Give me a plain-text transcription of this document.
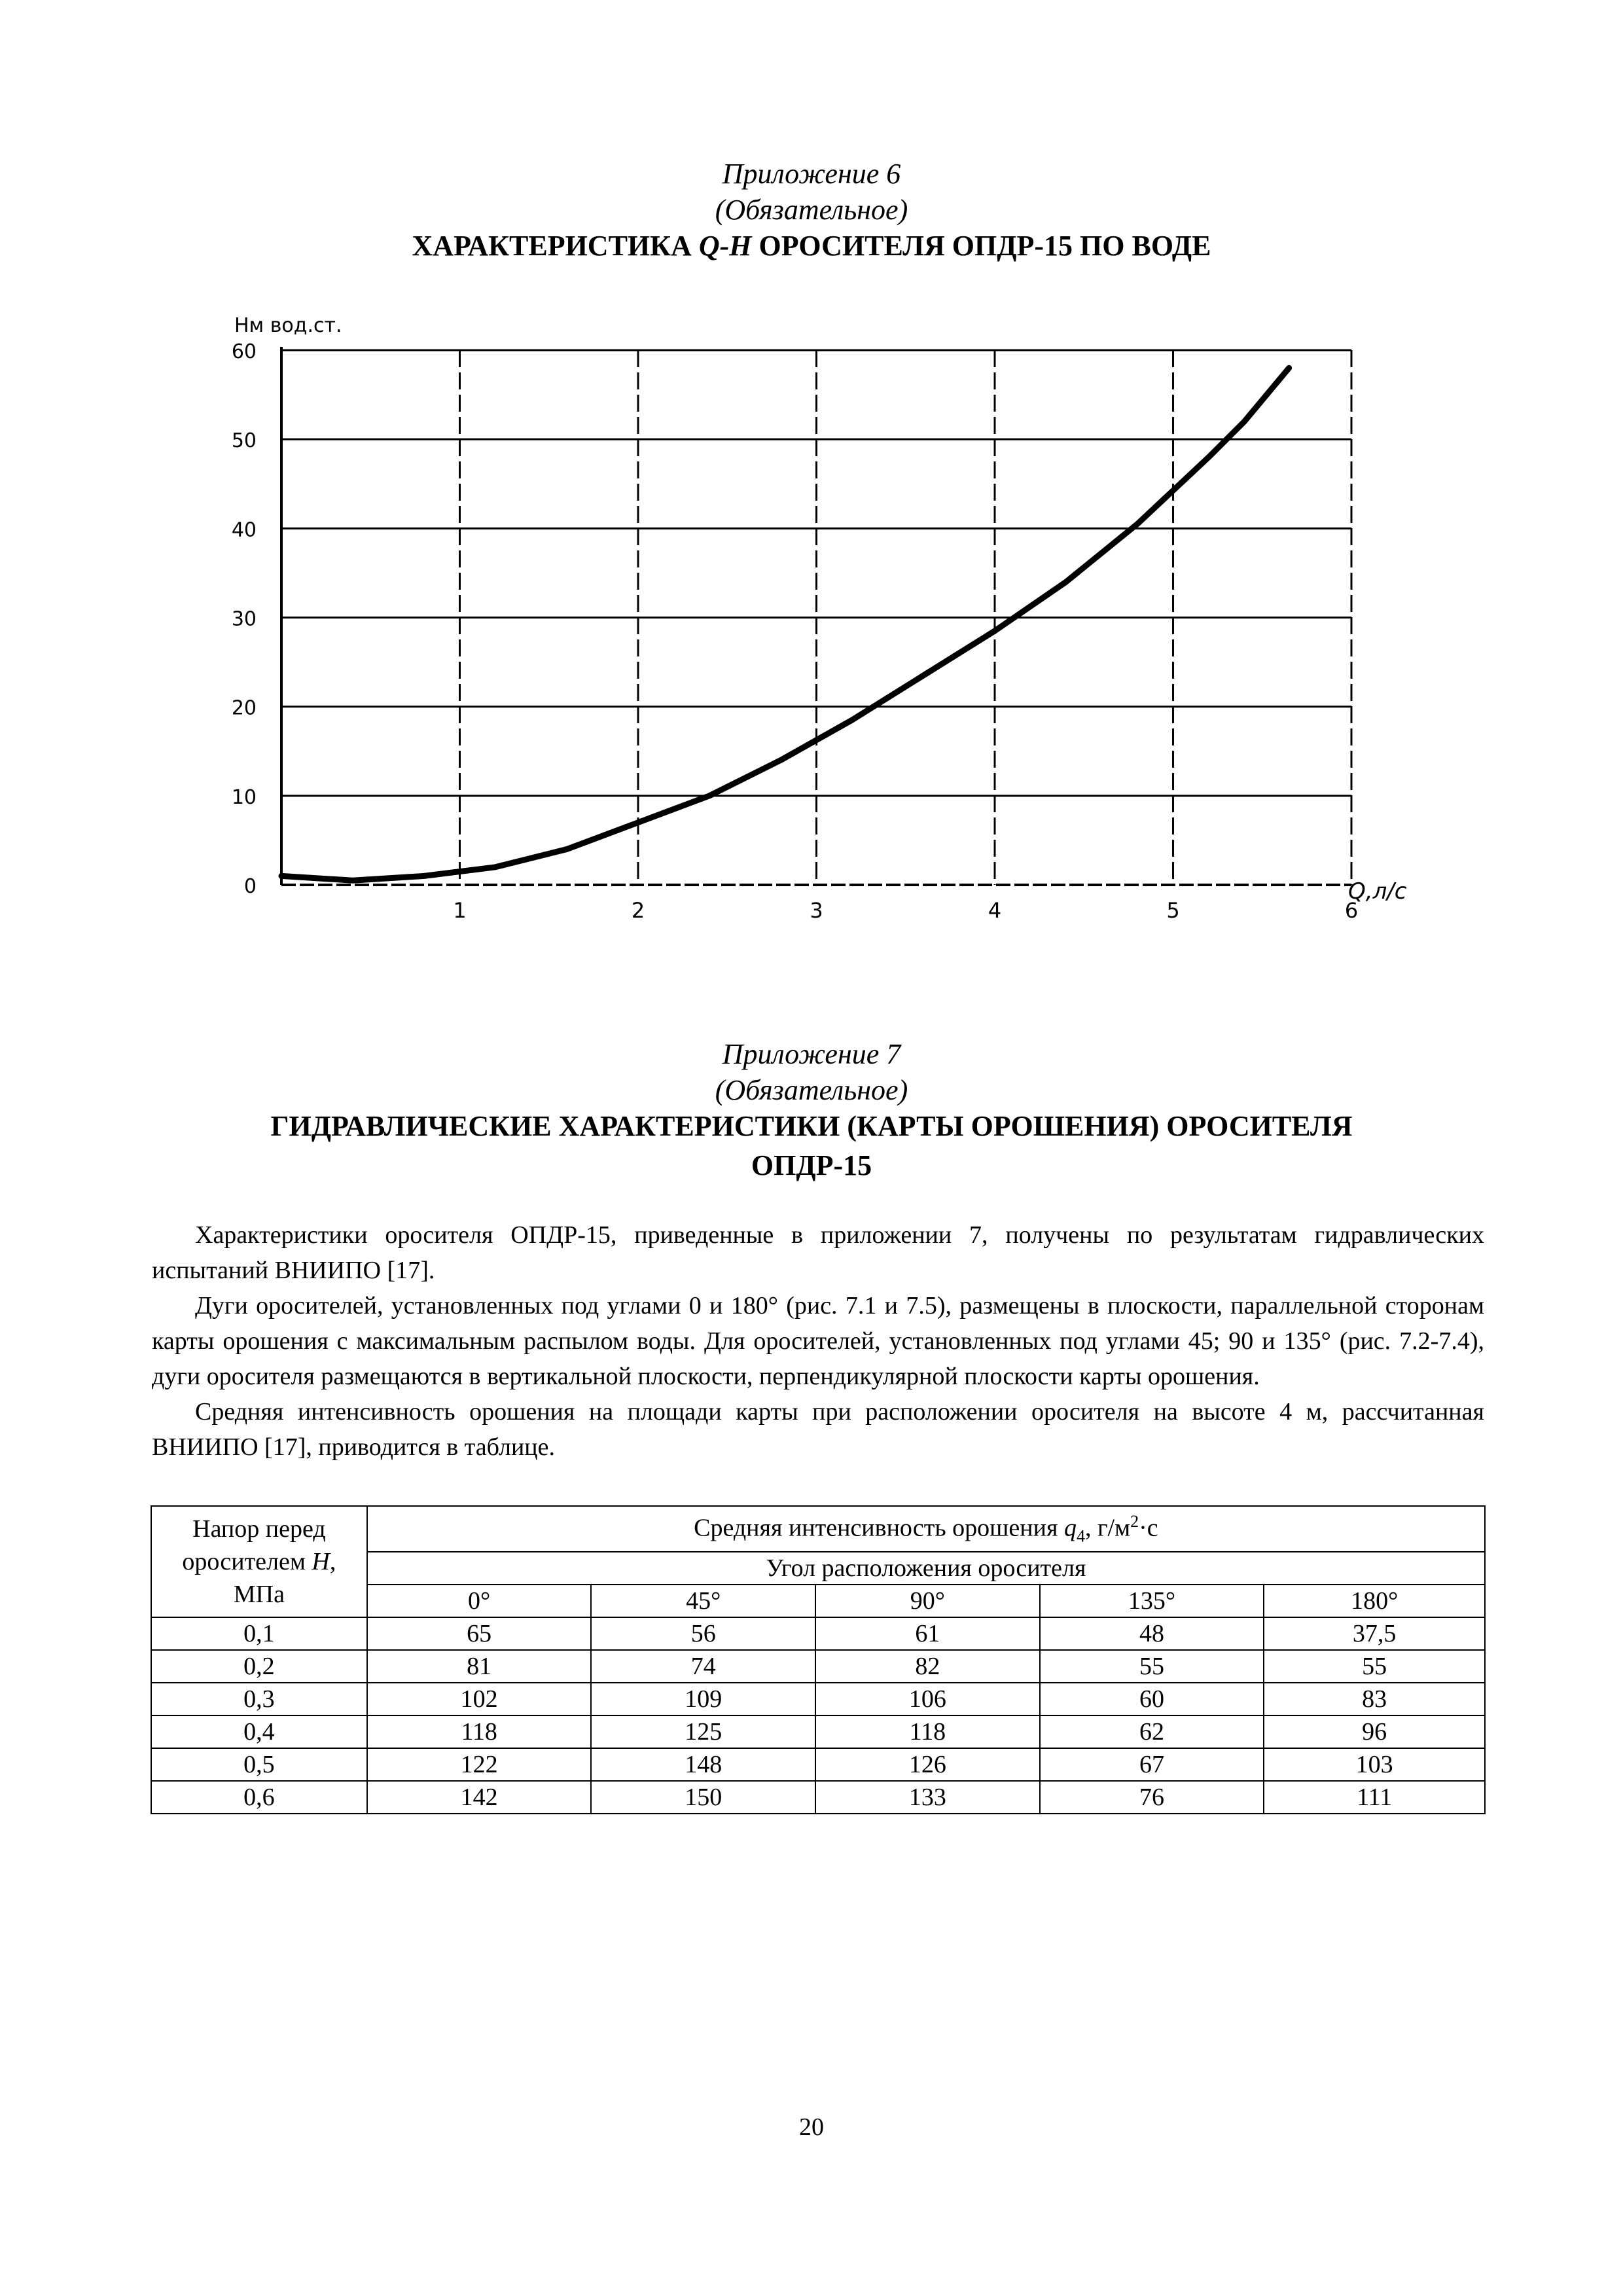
Приложение 6
(Обязательное)
ХАРАКТЕРИСТИКА Q-H ОРОСИТЕЛЯ ОПДР-15 ПО ВОДЕ
0
10
20
30
40
50
60
1	2	3	4	5	6
Нм вод.ст.
Q,л/с
Приложение 7
(Обязательное)
ГИДРАВЛИЧЕСКИЕ ХАРАКТЕРИСТИКИ (КАРТЫ ОРОШЕНИЯ) ОРОСИТЕЛЯ
ОПДР-15

Характеристики оросителя ОПДР-15, приведенные в приложении 7, получены по результатам гидравлических испытаний ВНИИПО [17].

Дуги оросителей, установленных под углами 0 и 180° (рис. 7.1 и 7.5), размещены в плоскости, параллельной сторонам карты орошения с максимальным распылом воды. Для оросителей, установленных под углами 45; 90 и 135° (рис. 7.2-7.4), дуги оросителя размещаются в вертикальной плоскости, перпендикулярной плоскости карты орошения.

Средняя интенсивность орошения на площади карты при расположении оросителя на высоте 4 м, рассчитанная ВНИИПО [17], приводится в таблице.

Напор перед
оросителем H,
МПа	Средняя интенсивность орошения $q_4$, $г/м^2\cdot с$				
	Угол расположения оросителя				
	0°	45°	90°	135°	180°
0,1	65	56	61	48	37,5
0,2	81	74	82	55	55
0,3	102	109	106	60	83
0,4	118	125	118	62	96
0,5	122	148	126	67	103
0,6	142	150	133	76	111
20
